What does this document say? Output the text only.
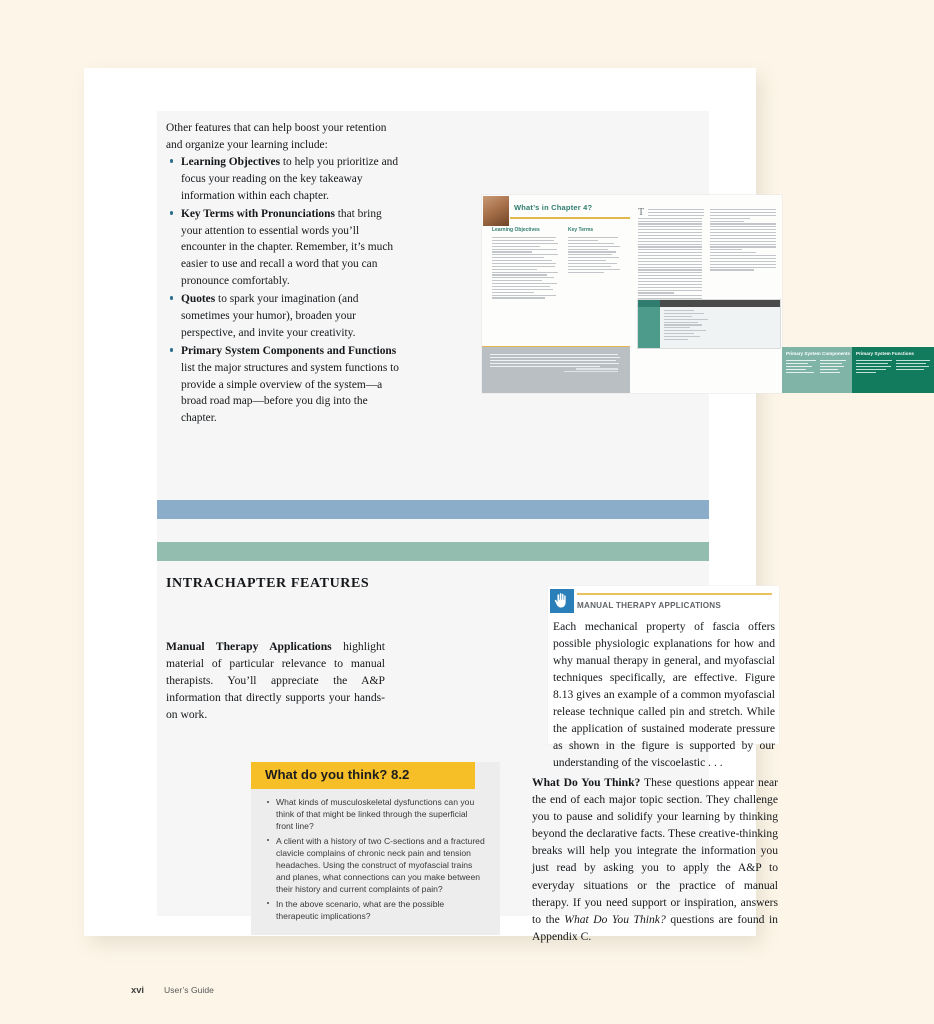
Other features that can help boost your retention and organize your learning include:

Learning Objectives to help you prioritize and focus your reading on the key takeaway information within each chapter.
Key Terms with Pronunciations that bring your attention to essential words you’ll encounter in the chapter. Remember, it’s much easier to use and recall a word that you can pronounce comfortably.
Quotes to spark your imagination (and sometimes your humor), broaden your perspective, and invite your creativity.
Primary System Components and Functions list the major structures and system functions to provide a simple overview of the system—a broad road map—before you dig into the chapter.
What’s in Chapter 4?
Learning Objectives	Key Terms
T
Primary System Components Primary System Functions
INTRACHAPTER FEATURES

Manual Therapy Applications highlight material of particular relevance to manual therapists. You’ll appreciate the A&P information that directly supports your hands-on work.

MANUAL THERAPY APPLICATIONS
Each mechanical property of fascia offers possible physiologic explanations for how and why manual therapy in general, and myofascial techniques specifically, are effective. Figure 8.13 gives an example of a common myofascial release technique called pin and stretch. While the application of sustained moderate pressure as shown in the figure is supported by our understanding of the viscoelastic . . .
What do you think? 8.2
What kinds of musculoskeletal dysfunctions can you think of that might be linked through the superficial front line?
A client with a history of two C-sections and a fractured clavicle complains of chronic neck pain and tension headaches. Using the construct of myofascial trains and planes, what connections can you make between their history and current complaints of pain?
In the above scenario, what are the possible therapeutic implications?

What Do You Think? These questions appear near the end of each major topic section. They challenge you to pause and solidify your learning by thinking beyond the declarative facts. These creative-thinking breaks will help you integrate the information you just read by asking you to apply the A&P to everyday situations or the practice of manual therapy. If you need support or inspiration, answers to the What Do You Think? questions are found in Appendix C.

xvi User’s Guide
